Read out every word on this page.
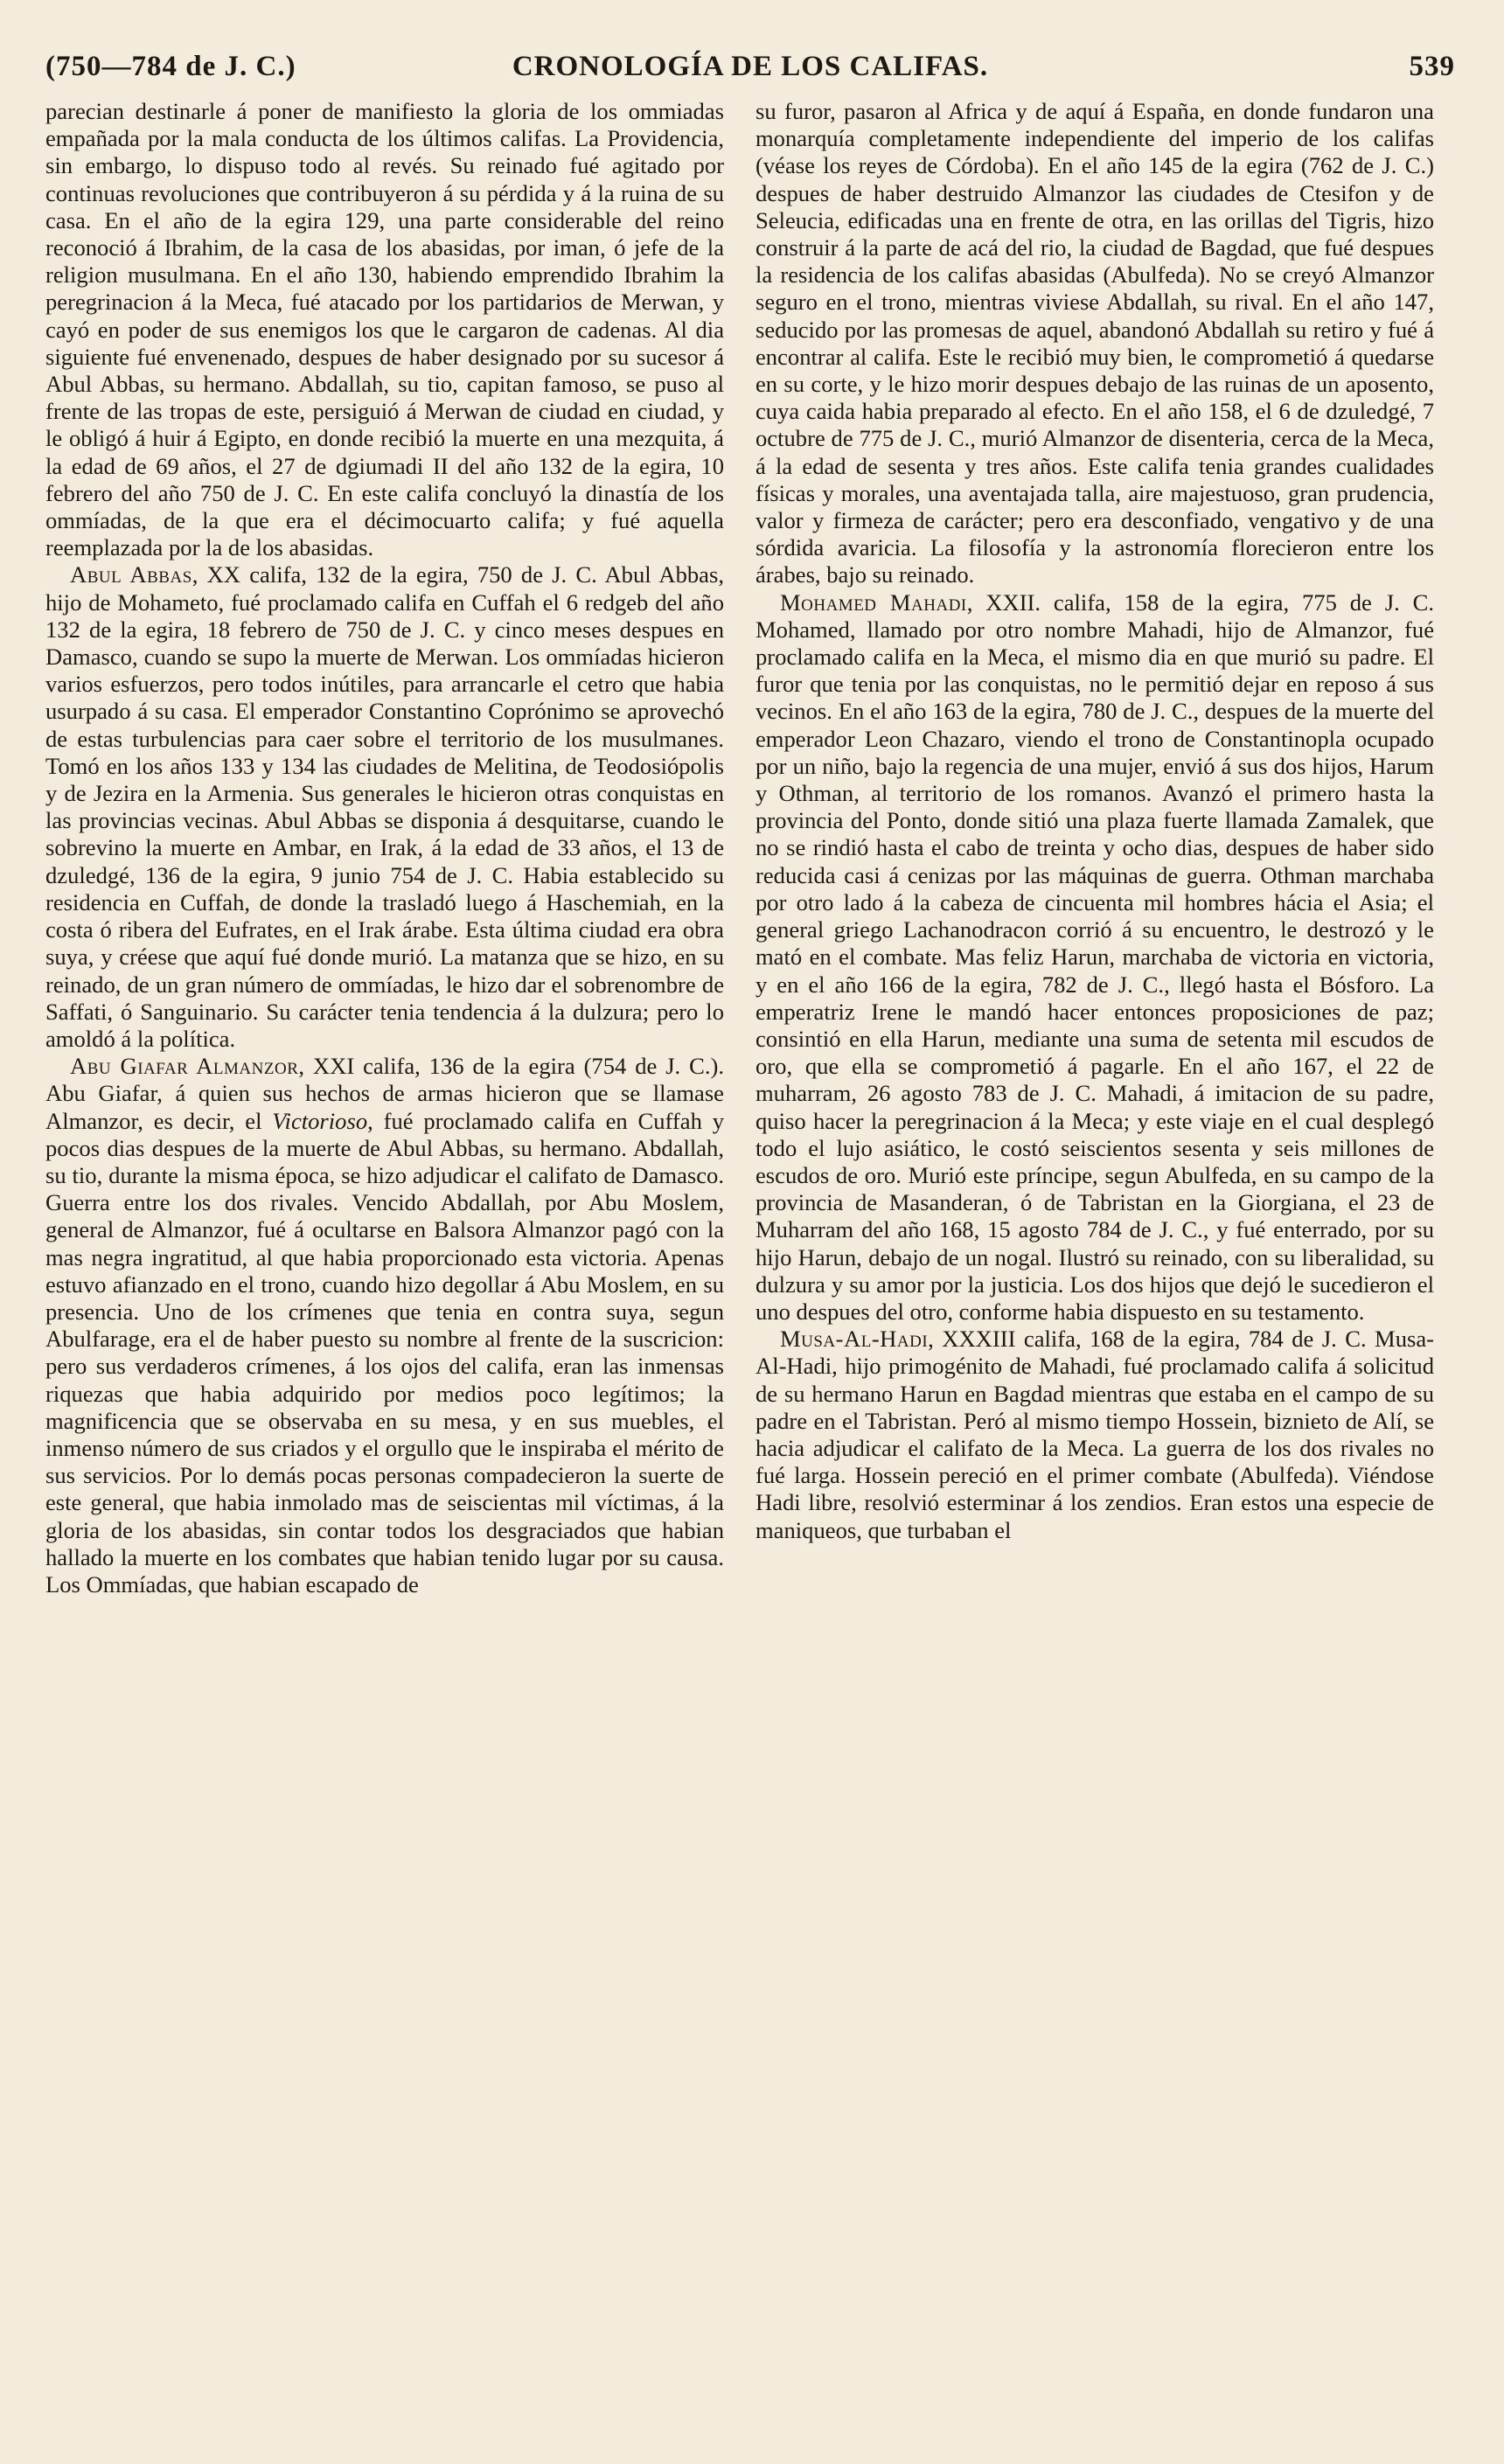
(750—784 de J. C.)	CRONOLOGÍA DE LOS CALIFAS.	539

parecian destinarle á poner de manifiesto la gloria de los ommiadas empañada por la mala conducta de los últimos califas. La Providencia, sin embargo, lo dispuso todo al revés. Su reinado fué agitado por continuas revoluciones que contribuyeron á su pérdida y á la ruina de su casa. En el año de la egira 129, una parte considerable del reino reconoció á Ibrahim, de la casa de los abasidas, por iman, ó jefe de la religion musulmana. En el año 130, habiendo emprendido Ibrahim la peregrinacion á la Meca, fué atacado por los partidarios de Merwan, y cayó en poder de sus enemigos los que le cargaron de cadenas. Al dia siguiente fué envenenado, despues de haber designado por su sucesor á Abul Abbas, su hermano. Abdallah, su tio, capitan famoso, se puso al frente de las tropas de este, persiguió á Merwan de ciudad en ciudad, y le obligó á huir á Egipto, en donde recibió la muerte en una mezquita, á la edad de 69 años, el 27 de dgiumadi II del año 132 de la egira, 10 febrero del año 750 de J. C. En este califa concluyó la dinastía de los ommíadas, de la que era el décimocuarto califa; y fué aquella reemplazada por la de los abasidas.

Abul Abbas, XX califa, 132 de la egira, 750 de J. C. Abul Abbas, hijo de Mohameto, fué proclamado califa en Cuffah el 6 redgeb del año 132 de la egira, 18 febrero de 750 de J. C. y cinco meses despues en Damasco, cuando se supo la muerte de Merwan. Los ommíadas hicieron varios esfuerzos, pero todos inútiles, para arrancarle el cetro que habia usurpado á su casa. El emperador Constantino Coprónimo se aprovechó de estas turbulencias para caer sobre el territorio de los musulmanes. Tomó en los años 133 y 134 las ciudades de Melitina, de Teodosiópolis y de Jezira en la Armenia. Sus generales le hicieron otras conquistas en las provincias vecinas. Abul Abbas se disponia á desquitarse, cuando le sobrevino la muerte en Ambar, en Irak, á la edad de 33 años, el 13 de dzuledgé, 136 de la egira, 9 junio 754 de J. C. Habia establecido su residencia en Cuffah, de donde la trasladó luego á Haschemiah, en la costa ó ribera del Eufrates, en el Irak árabe. Esta última ciudad era obra suya, y créese que aquí fué donde murió. La matanza que se hizo, en su reinado, de un gran número de ommíadas, le hizo dar el sobrenombre de Saffati, ó Sanguinario. Su carácter tenia tendencia á la dulzura; pero lo amoldó á la política.

Abu Giafar Almanzor, XXI califa, 136 de la egira (754 de J. C.). Abu Giafar, á quien sus hechos de armas hicieron que se llamase Almanzor, es decir, el Victorioso, fué proclamado califa en Cuffah y pocos dias despues de la muerte de Abul Abbas, su hermano. Abdallah, su tio, durante la misma época, se hizo adjudicar el califato de Damasco. Guerra entre los dos rivales. Vencido Abdallah, por Abu Moslem, general de Almanzor, fué á ocultarse en Balsora Almanzor pagó con la mas negra ingratitud, al que habia proporcionado esta victoria. Apenas estuvo afianzado en el trono, cuando hizo degollar á Abu Moslem, en su presencia. Uno de los crímenes que tenia en contra suya, segun Abulfarage, era el de haber puesto su nombre al frente de la suscricion: pero sus verdaderos crímenes, á los ojos del califa, eran las inmensas riquezas que habia adquirido por medios poco legítimos; la magnificencia que se observaba en su mesa, y en sus muebles, el inmenso número de sus criados y el orgullo que le inspiraba el mérito de sus servicios. Por lo demás pocas personas compadecieron la suerte de este general, que habia inmolado mas de seiscientas mil víctimas, á la gloria de los abasidas, sin contar todos los desgraciados que habian hallado la muerte en los combates que habian tenido lugar por su causa. Los Ommíadas, que habian escapado de

su furor, pasaron al Africa y de aquí á España, en donde fundaron una monarquía completamente independiente del imperio de los califas (véase los reyes de Córdoba). En el año 145 de la egira (762 de J. C.) despues de haber destruido Almanzor las ciudades de Ctesifon y de Seleucia, edificadas una en frente de otra, en las orillas del Tigris, hizo construir á la parte de acá del rio, la ciudad de Bagdad, que fué despues la residencia de los califas abasidas (Abulfeda). No se creyó Almanzor seguro en el trono, mientras viviese Abdallah, su rival. En el año 147, seducido por las promesas de aquel, abandonó Abdallah su retiro y fué á encontrar al califa. Este le recibió muy bien, le comprometió á quedarse en su corte, y le hizo morir despues debajo de las ruinas de un aposento, cuya caida habia preparado al efecto. En el año 158, el 6 de dzuledgé, 7 octubre de 775 de J. C., murió Almanzor de disenteria, cerca de la Meca, á la edad de sesenta y tres años. Este califa tenia grandes cualidades físicas y morales, una aventajada talla, aire majestuoso, gran prudencia, valor y firmeza de carácter; pero era desconfiado, vengativo y de una sórdida avaricia. La filosofía y la astronomía florecieron entre los árabes, bajo su reinado.

Mohamed Mahadi, XXII. califa, 158 de la egira, 775 de J. C. Mohamed, llamado por otro nombre Mahadi, hijo de Almanzor, fué proclamado califa en la Meca, el mismo dia en que murió su padre. El furor que tenia por las conquistas, no le permitió dejar en reposo á sus vecinos. En el año 163 de la egira, 780 de J. C., despues de la muerte del emperador Leon Chazaro, viendo el trono de Constantinopla ocupado por un niño, bajo la regencia de una mujer, envió á sus dos hijos, Harum y Othman, al territorio de los romanos. Avanzó el primero hasta la provincia del Ponto, donde sitió una plaza fuerte llamada Zamalek, que no se rindió hasta el cabo de treinta y ocho dias, despues de haber sido reducida casi á cenizas por las máquinas de guerra. Othman marchaba por otro lado á la cabeza de cincuenta mil hombres hácia el Asia; el general griego Lachanodracon corrió á su encuentro, le destrozó y le mató en el combate. Mas feliz Harun, marchaba de victoria en victoria, y en el año 166 de la egira, 782 de J. C., llegó hasta el Bósforo. La emperatriz Irene le mandó hacer entonces proposiciones de paz; consintió en ella Harun, mediante una suma de setenta mil escudos de oro, que ella se comprometió á pagarle. En el año 167, el 22 de muharram, 26 agosto 783 de J. C. Mahadi, á imitacion de su padre, quiso hacer la peregrinacion á la Meca; y este viaje en el cual desplegó todo el lujo asiático, le costó seiscientos sesenta y seis millones de escudos de oro. Murió este príncipe, segun Abulfeda, en su campo de la provincia de Masanderan, ó de Tabristan en la Giorgiana, el 23 de Muharram del año 168, 15 agosto 784 de J. C., y fué enterrado, por su hijo Harun, debajo de un nogal. Ilustró su reinado, con su liberalidad, su dulzura y su amor por la justicia. Los dos hijos que dejó le sucedieron el uno despues del otro, conforme habia dispuesto en su testamento.

Musa-Al-Hadi, XXXIII califa, 168 de la egira, 784 de J. C. Musa-Al-Hadi, hijo primogénito de Mahadi, fué proclamado califa á solicitud de su hermano Harun en Bagdad mientras que estaba en el campo de su padre en el Tabristan. Peró al mismo tiempo Hossein, biznieto de Alí, se hacia adjudicar el califato de la Meca. La guerra de los dos rivales no fué larga. Hossein pereció en el primer combate (Abulfeda). Viéndose Hadi libre, resolvió esterminar á los zendios. Eran estos una especie de maniqueos, que turbaban el
